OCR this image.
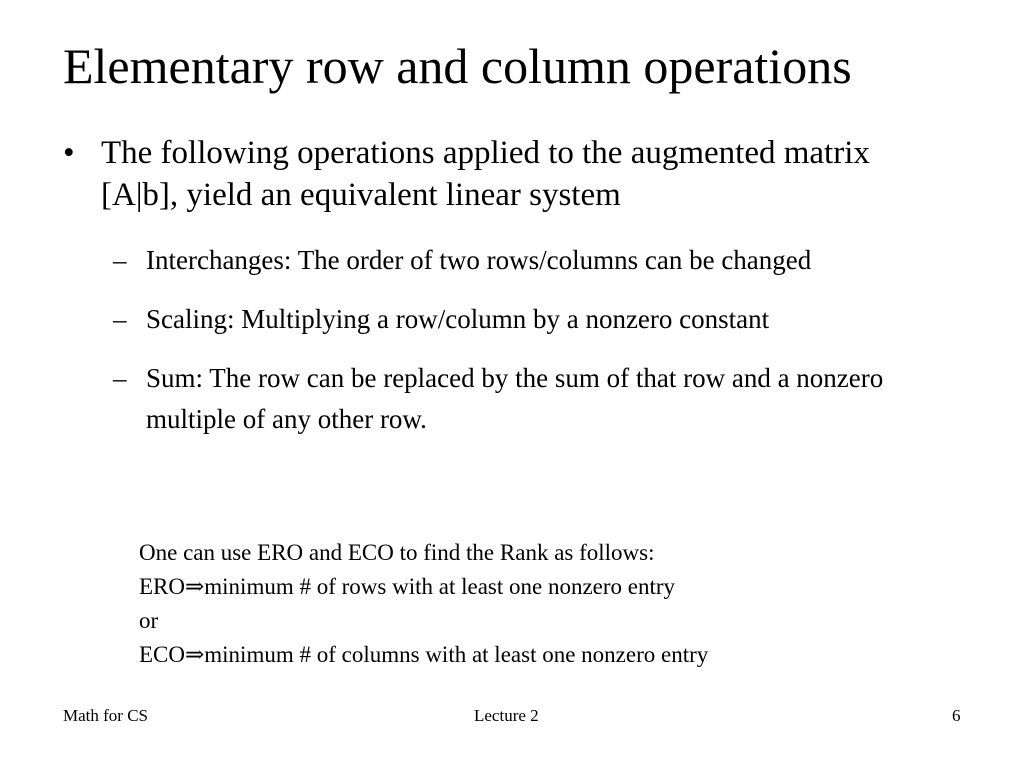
Elementary row and column operations
• The following operations applied to the augmented matrix [A|b], yield an equivalent linear system
– Interchanges: The order of two rows/columns can be changed
– Scaling: Multiplying a row/column by a nonzero constant
– Sum: The row can be replaced by the sum of that row and a nonzero multiple of any other row.
One can use ERO and ECO to find the Rank as follows:
ERO⇒minimum # of rows with at least one nonzero entry
or
ECO⇒minimum # of columns with at least one nonzero entry
Math for CS	Lecture 2	6
